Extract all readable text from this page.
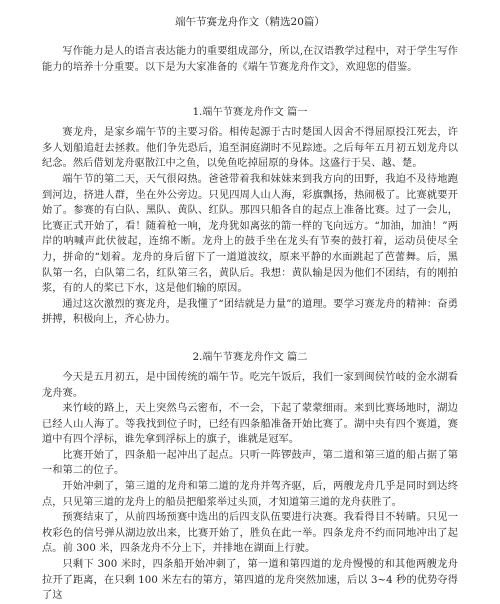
端午节赛龙舟作文（精选20篇）

写作能力是人的语言表达能力的重要组成部分，所以,在汉语教学过程中，对于学生写作能力的培养十分重要。以下是为大家准备的《端午节赛龙舟作文》，欢迎您的借鉴。

1.端午节赛龙舟作文 篇一

赛龙舟，是家乡端午节的主要习俗。相传起源于古时楚国人因舍不得屈原投江死去，许多人划船追赶去拯救。他们争先恐后，追至洞庭湖时不见踪迹。之后每年五月初五划龙舟以纪念。然后借划龙舟驱散江中之鱼，以免鱼吃掉屈原的身体。这盛行于吴、越、楚。

端午节的第二天，天气很闷热。爸爸带着我和妹妹来到我方向的田野，我迫不及待地跑到河边，挤进人群，坐在外公旁边。只见四周人山人海，彩旗飘扬，热闹极了。比赛就要开始了。参赛的有白队、黑队、黄队、红队。那四只船各自的起点上准备比赛。过了一会儿，比赛正式开始了，看！随着枪一响，龙舟犹如离弦的箭一样的飞向远方。“加油，加油！”两岸的呐喊声此伏彼起，连绵不断。龙舟上的鼓手坐在龙头有节奏的鼓打着，运动员使尽全力，拼命的“划着。龙舟的身后留下了一道道波纹，原来平静的水面跳起了芭蕾舞。后，黑队第一名，白队第二名，红队第三名，黄队后。我想：黄队输是因为他们不团结，有的刚拍浆，有的人的桨已下水，这是他们输的原因。

通过这次激烈的赛龙舟，是我懂了“团结就是力量”的道理。要学习赛龙舟的精神：奋勇拼搏，积极向上，齐心协力。

2.端午节赛龙舟作文 篇二

今天是五月初五，是中国传统的端午节。吃完午饭后，我们一家到闽侯竹岐的金水湖看龙舟赛。

来竹岐的路上，天上突然乌云密布，不一会，下起了蒙蒙细雨。来到比赛场地时，湖边已经人山人海了。等我找到位子时，已经有四条船准备开始比赛了。湖中央有四个赛道，赛道中有四个浮标，谁先拿到浮标上的旗子，谁就是冠军。

比赛开始了，四条船一起冲出了起点。只听一阵锣鼓声，第二道和第三道的船占据了第一和第二的位子。

开始冲刺了，第三道的龙舟和第二道的龙舟并驾齐驱，后，两艘龙舟几乎是同时到达终点，只见第三道的龙舟上的船员把船浆举过头顶，才知道第三道的龙舟获胜了。

预赛结束了，从前四场预赛中选出的后四支队伍要进行决赛。我看得目不转睛。只见一枚彩色的信号弹从湖边放出来，比赛开始了，胜负在此一举。四条龙舟不约而同地冲出了起点。前 300 米，四条龙舟不分上下，并排地在湖面上行驶。

只剩下 300 米时，四条船开始冲刺了，第一道和第四道的龙舟慢慢的和其他两艘龙舟拉开了距离，在只剩 100 米左右的第方，第四道的龙舟突然加速，后以 3~4 秒的优势夺得了这
